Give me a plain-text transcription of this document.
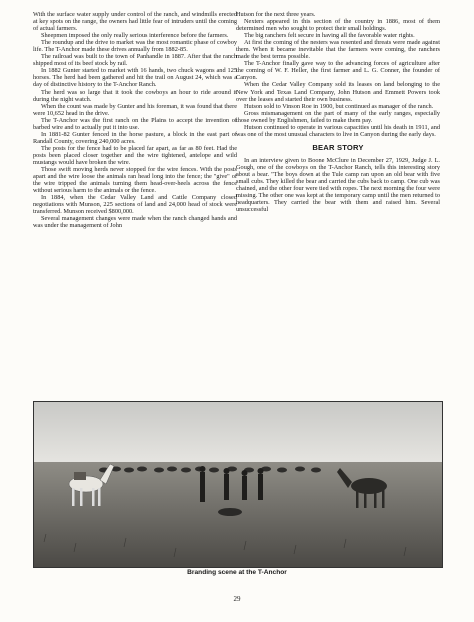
With the surface water supply under control of the ranch, and windmills erected at key spots on the range, the owners had little fear of intruders until the coming of actual farmers.

Sheepmen imposed the only really serious interference before the farmers.

The roundup and the drive to market was the most romantic phase of cowboy life. The T-Anchor made these drives annually from 1882-85.

The railroad was built to the town of Panhandle in 1887. After that the ranch shipped most of its beef stock by rail.

In 1882 Gunter started to market with 16 hands, two chuck wagons and 125 horses. The herd had been gathered and hit the trail on August 24, which was a day of distinctive history to the T-Anchor Ranch.

The herd was so large that it took the cowboys an hour to ride around it during the night watch.

When the count was made by Gunter and his foreman, it was found that there were 10,652 head in the drive.

The T-Anchor was the first ranch on the Plains to accept the invention of barbed wire and to actually put it into use.

In 1881-82 Gunter fenced in the horse pasture, a block in the east part of Randall County, covering 240,000 acres.

The posts for the fence had to be placed far apart, as far as 80 feet. Had the posts been placed closer together and the wire tightened, antelope and wild mustangs would have broken the wire.

Those swift moving herds never stopped for the wire fences. With the posts apart and the wire loose the animals ran head long into the fence; the "give" of the wire tripped the animals turning them head-over-heels across the fence without serious harm to the animals or the fence.

In 1884, when the Cedar Valley Land and Cattle Company closed negotiations with Munson, 225 sections of land and 24,000 head of stock were transferred. Munson received $800,000.

Several management changes were made when the ranch changed hands and was under the management of John

Hutson for the next three years.

Nexters appeared in this section of the country in 1886, most of them determined men who sought to protect their small holdings.

The big ranchers felt secure in having all the favorable water rights.

At first the coming of the nesters was resented and threats were made against them. When it became inevitable that the farmers were coming, the ranchers made the best terms possible.

The T-Anchor finally gave way to the advancing forces of agriculture after the coming of W. F. Heller, the first farmer and L. G. Conner, the founder of Canyon.

When the Cedar Valley Company sold its leases on land belonging to the New York and Texas Land Company, John Hutson and Emmett Powers took over the leases and started their own business.

Hutson sold to Vinson Roe in 1900, but continued as manager of the ranch.

Gross mismanagement on the part of many of the early ranges, especially those owned by Englishmen, failed to make them pay.

Hutson continued to operate in various capacities until his death in 1911, and was one of the most unusual characters to live in Canyon during the early days.

BEAR STORY

In an interview given to Boone McClure in December 27, 1929, Judge J. L. Gough, one of the cowboys on the T-Anchor Ranch, tells this interesting story about a bear. "The boys down at the Tule camp ran upon an old bear with five small cubs. They killed the bear and carried the cubs back to camp. One cub was chained, and the other four were tied with ropes. The next morning the four were missing. The other one was kept at the temporary camp until the men returned to headquarters. They carried the bear with them and raised him. Several unsuccessful

Branding scene at the T-Anchor
29
